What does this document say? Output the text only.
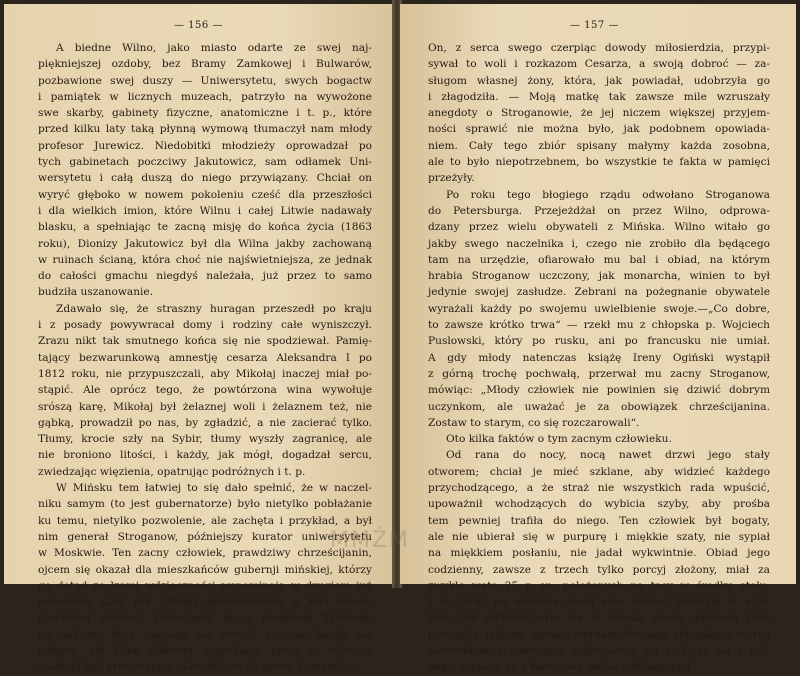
— 156 —
A biedne Wilno, jako miasto odarte ze swej naj-
piękniejszej ozdoby, bez Bramy Zamkowej i Bulwarów,
pozbawione swej duszy — Uniwersytetu, swych bogactw
i pamiątek w licznych muzeach, patrzyło na wywożone
swe skarby, gabinety fizyczne, anatomiczne i t. p., które
przed kilku laty taką płynną wymową tłumaczył nam młody
profesor Jurewicz. Niedobitki młodzieży oprowadzał po
tych gabinetach poczciwy Jakutowicz, sam odłamek Uni-
wersytetu i całą duszą do niego przywiązany. Chciał on
wyryć głęboko w nowem pokoleniu cześć dla przeszłości
i dla wielkich imion, które Wilnu i całej Litwie nadawały
blasku, a spełniając te zacną misję do końca życia (1863
roku), Dionizy Jakutowicz był dla Wilna jakby zachowaną
w ruinach ścianą, która choć nie najświetniejsza, ze jednak
do całości gmachu niegdyś należała, już przez to samo
budziła uszanowanie.
Zdawało się, że straszny huragan przeszedł po kraju
i z posady powywracał domy i rodziny całe wyniszczył.
Zrazu nikt tak smutnego końca się nie spodziewał. Pamię-
tający bezwarunkową amnestję cesarza Aleksandra I po
1812 roku, nie przypuszczali, aby Mikołaj inaczej miał po-
stąpić. Ale oprócz tego, że powtórzona wina wywołuje
srószą karę, Mikołaj był żelaznej woli i żelaznem też, nie
gąbką, prowadził po nas, by zgładzić, a nie zacierać tylko.
Tłumy, krocie szły na Sybir, tłumy wyszły zagranicę, ale
nie broniono litości, i każdy, jak mógł, dogadzał sercu,
zwiedzając więzienia, opatrując podróżnych i t. p.
W Mińsku tem łatwiej to się dało spełnić, że w naczel-
niku samym (to jest gubernatorze) było nietylko pobłażanie
ku temu, nietylko pozwolenie, ale zachęta i przykład, a był
nim generał Stroganow, późniejszy kurator uniwersytetu
w Moskwie. Ten zacny człowiek, prawdziwy chrześcijanin,
ojcem się okazał dla mieszkańców gubernji mińskiej, którzy
go dotąd ze łzami wdzięczności wspominają w drugiem już
pokoleniu. Cały rok żyliśmy opowiadaniem o jego niewy-
czerpanej dobroci, równającej go z cesarzem Tytusem,
bo, jak on, dnia żadnego nie stracił, znacząc każdy nie
jednym, ale kilku dobremi uczynkami, przez co również
zasłużył być przezwanym „Les délices du genre humain“.—
— 157 —
On, z serca swego czerpiąc dowody miłosierdzia, przypi-
sywał to woli i rozkazom Cesarza, a swoją dobroć — za-
sługom własnej żony, która, jak powiadał, udobrzyła go
i złagodziła. — Moją matkę tak zawsze mile wzruszały
anegdoty o Stroganowie, że jej niczem większej przyjem-
ności sprawić nie można było, jak podobnem opowiada-
niem. Cały tego zbiór spisany małymy każda zosobna,
ale to było niepotrzebnem, bo wszystkie te fakta w pamięci
przeżyły.
Po roku tego błogiego rządu odwołano Stroganowa
do Petersburga. Przejeżdżał on przez Wilno, odprowa-
dzany przez wielu obywateli z Mińska. Wilno witało go
jakby swego naczelnika i, czego nie zrobiło dla będącego
tam na urzędzie, ofiarowało mu bal i obiad, na którym
hrabia Stroganow uczczony, jak monarcha, winien to był
jedynie swojej zasłudze. Zebrani na pożegnanie obywatele
wyrażali każdy po swojemu uwielbienie swoje.—„Co dobre,
to zawsze krótko trwa“ — rzekł mu z chłopska p. Wojciech
Puslowski, który po rusku, ani po francusku nie umiał.
A gdy młody natenczas książę Ireny Ogiński wystąpił
z górną trochę pochwałą, przerwał mu zacny Stroganow,
mówiąc: „Młody człowiek nie powinien się dziwić dobrym
uczynkom, ale uważać je za obowiązek chrześcijanina.
Zostaw to starym, co się rozczarowali“.
Oto kilka faktów o tym zacnym człowieku.
Od rana do nocy, nocą nawet drzwi jego stały
otworem; chciał je mieć szklane, aby widzieć każdego
przychodzącego, a że straż nie wszystkich rada wpuścić,
upoważnił wchodzących do wybicia szyby, aby prośba
tem pewniej trafiła do niego. Ten człowiek był bogaty,
ale nie ubierał się w purpurę i miękkie szaty, nie sypiał
na miękkiem posłaniu, nie jadał wykwintnie. Obiad jego
codzienny, zawsze z trzech tylko porcyj złożony, miał za
zwykle wetę 25 r. sr., położonych na tacy w środku stołu,
i te zaraz po obiedzie szedł sam rozdać biednym w szpi-
talu, lub wybierającym się w daleką drogę. Jednego razu
pomiędzy takiemi ujrzał czternastoletniego chłopaka i starca
siedemdziesięcioletniego; usłyszawszy od nich, że się z jed-
nego miejsca, aż z Warszawy, oddał młodego pod
MMŻM
